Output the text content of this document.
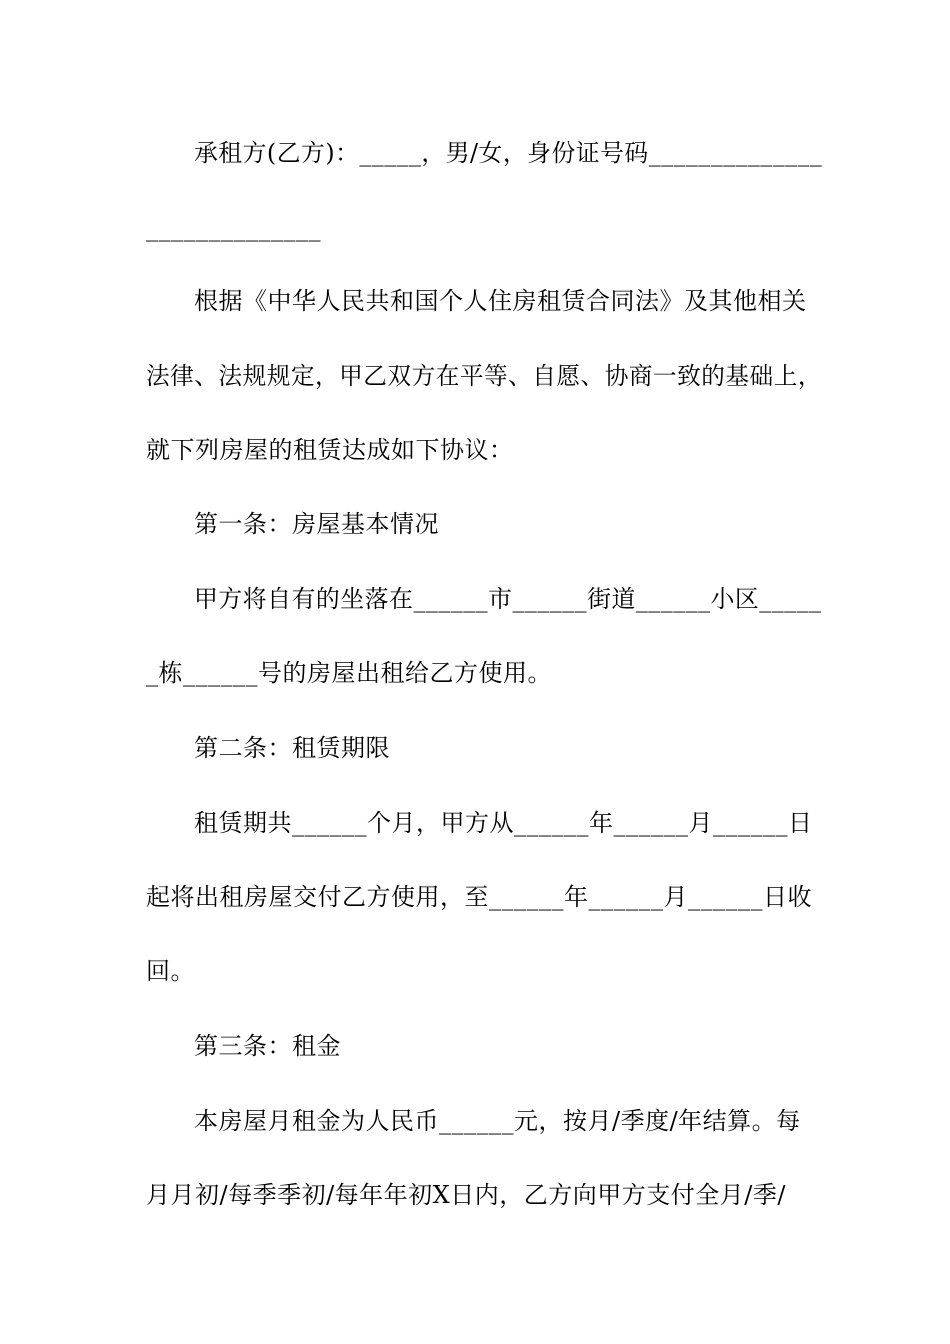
承租方(乙方)：_____，男/女，身份证号码______________
______________
根据《中华人民共和国个人住房租赁合同法》及其他相关
法律、法规规定，甲乙双方在平等、自愿、协商一致的基础上，
就下列房屋的租赁达成如下协议：
第一条：房屋基本情况
甲方将自有的坐落在______市______街道______小区_____
_栋______号的房屋出租给乙方使用。
第二条：租赁期限
租赁期共______个月，甲方从______年______月______日
起将出租房屋交付乙方使用，至______年______月______日收
回。
第三条：租金
本房屋月租金为人民币______元，按月/季度/年结算。每
月月初/每季季初/每年年初X日内，乙方向甲方支付全月/季/
